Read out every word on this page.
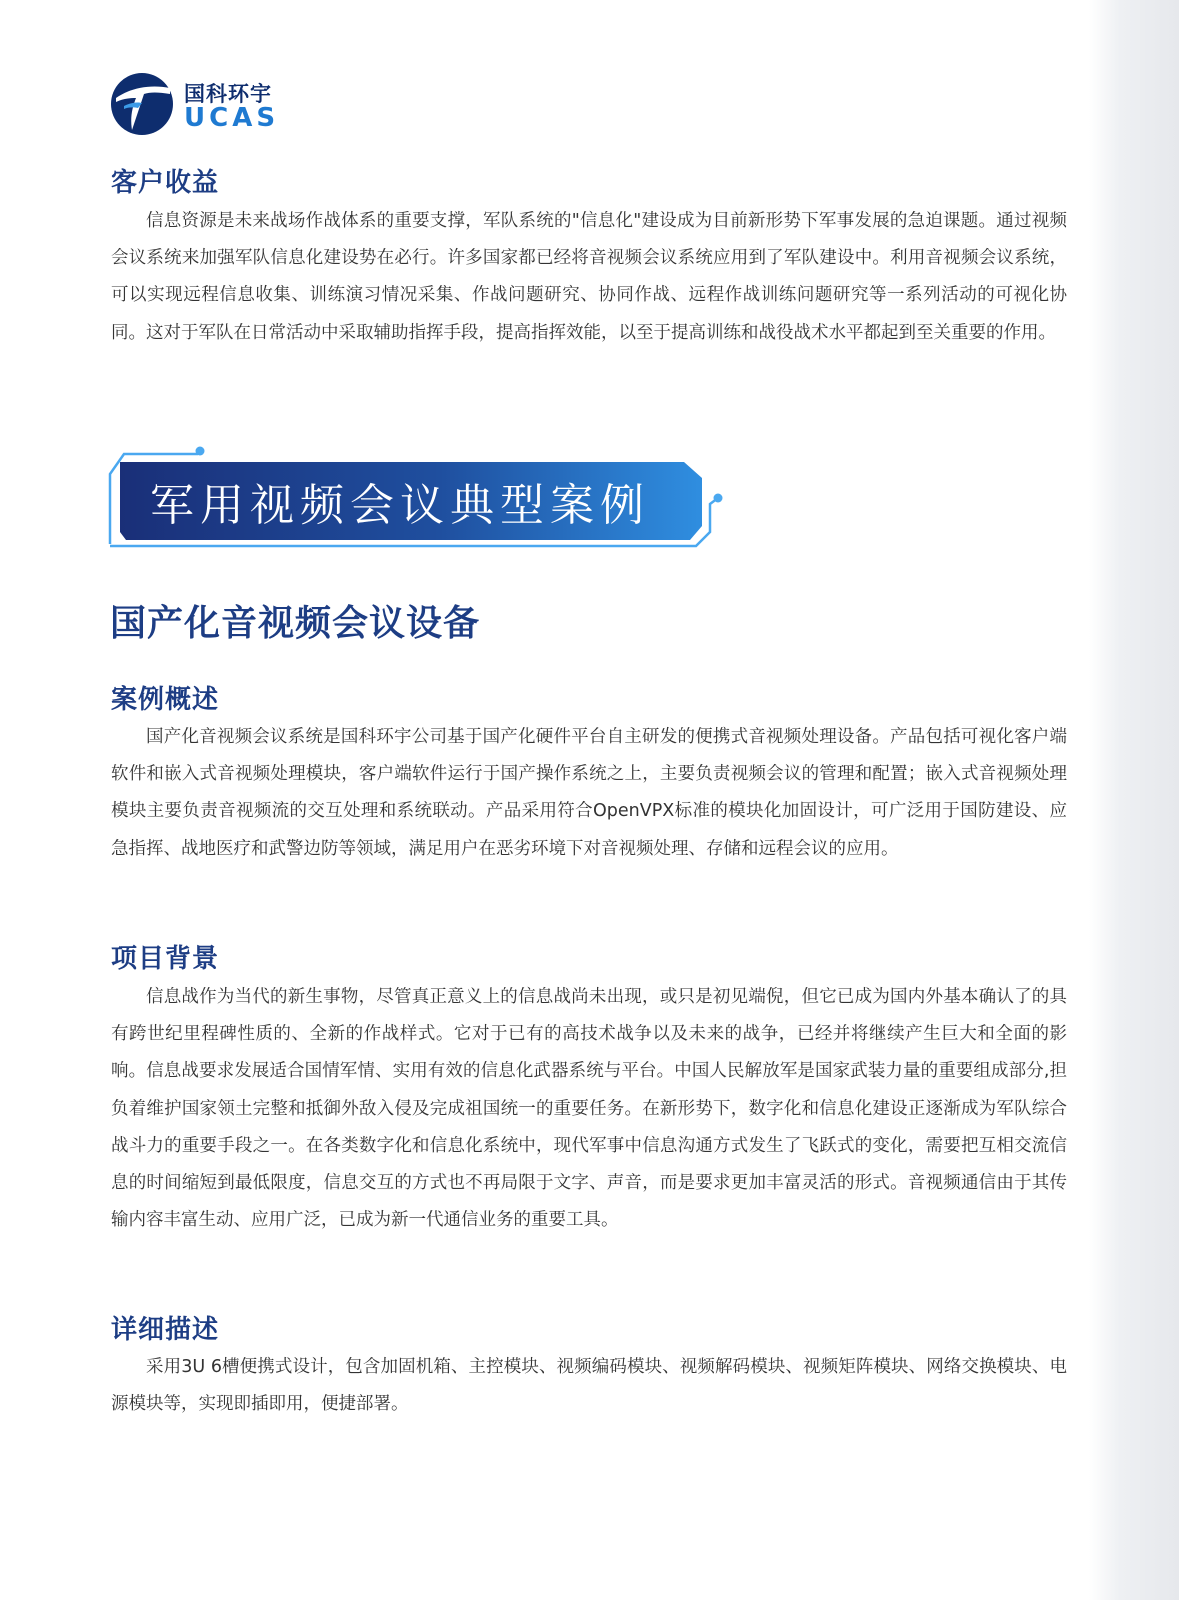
国科环宇
UCAS
客户收益

信息资源是未来战场作战体系的重要支撑，军队系统的"信息化"建设成为目前新形势下军事发展的急迫课题。通过视频会议系统来加强军队信息化建设势在必行。许多国家都已经将音视频会议系统应用到了军队建设中。利用音视频会议系统，可以实现远程信息收集、训练演习情况采集、作战问题研究、协同作战、远程作战训练问题研究等一系列活动的可视化协同。这对于军队在日常活动中采取辅助指挥手段，提高指挥效能，以至于提高训练和战役战术水平都起到至关重要的作用。

军用视频会议典型案例
国产化音视频会议设备
案例概述

国产化音视频会议系统是国科环宇公司基于国产化硬件平台自主研发的便携式音视频处理设备。产品包括可视化客户端软件和嵌入式音视频处理模块，客户端软件运行于国产操作系统之上，主要负责视频会议的管理和配置；嵌入式音视频处理模块主要负责音视频流的交互处理和系统联动。产品采用符合OpenVPX标准的模块化加固设计，可广泛用于国防建设、应急指挥、战地医疗和武警边防等领域，满足用户在恶劣环境下对音视频处理、存储和远程会议的应用。

项目背景

信息战作为当代的新生事物，尽管真正意义上的信息战尚未出现，或只是初见端倪，但它已成为国内外基本确认了的具有跨世纪里程碑性质的、全新的作战样式。它对于已有的高技术战争以及未来的战争，已经并将继续产生巨大和全面的影响。信息战要求发展适合国情军情、实用有效的信息化武器系统与平台。中国人民解放军是国家武装力量的重要组成部分,担负着维护国家领土完整和抵御外敌入侵及完成祖国统一的重要任务。在新形势下，数字化和信息化建设正逐渐成为军队综合战斗力的重要手段之一。在各类数字化和信息化系统中，现代军事中信息沟通方式发生了飞跃式的变化，需要把互相交流信息的时间缩短到最低限度，信息交互的方式也不再局限于文字、声音，而是要求更加丰富灵活的形式。音视频通信由于其传输内容丰富生动、应用广泛，已成为新一代通信业务的重要工具。

详细描述

采用3U 6槽便携式设计，包含加固机箱、主控模块、视频编码模块、视频解码模块、视频矩阵模块、网络交换模块、电源模块等，实现即插即用，便捷部署。
